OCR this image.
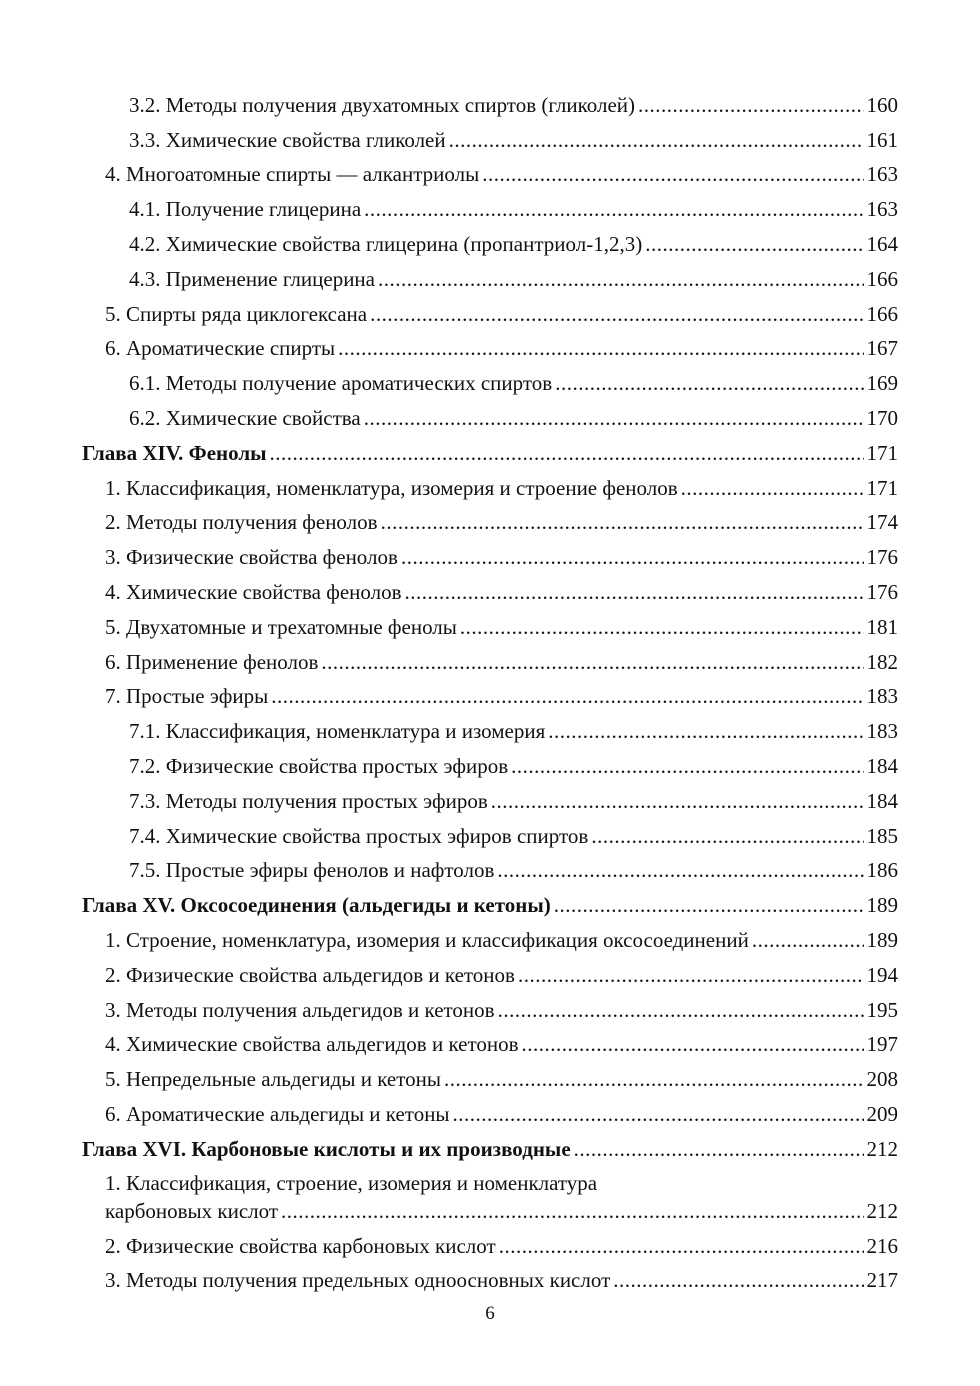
3.2. Методы получения двухатомных спиртов (гликолей) .....	160
3.3. Химические свойства гликолей .....	161
4. Многоатомные спирты — алкантриолы .....	163
4.1. Получение глицерина .....	163
4.2. Химические свойства глицерина (пропантриол-1,2,3) .....	164
4.3. Применение глицерина .....	166
5. Спирты ряда циклогексана .....	166
6. Ароматические спирты .....	167
6.1. Методы получение ароматических спиртов .....	169
6.2. Химические свойства .....	170
Глава XIV. Фенолы .....	171
1. Классификация, номенклатура, изомерия и строение фенолов .....	171
2. Методы получения фенолов .....	174
3. Физические свойства фенолов .....	176
4. Химические свойства фенолов .....	176
5. Двухатомные и трехатомные фенолы .....	181
6. Применение фенолов .....	182
7. Простые эфиры .....	183
7.1. Классификация, номенклатура и изомерия .....	183
7.2. Физические свойства простых эфиров .....	184
7.3. Методы получения простых эфиров .....	184
7.4. Химические свойства простых эфиров спиртов .....	185
7.5. Простые эфиры фенолов и нафтолов .....	186
Глава XV. Оксосоединения (альдегиды и кетоны) .....	189
1. Строение, номенклатура, изомерия и классификация оксосоединений .....	189
2. Физические свойства альдегидов и кетонов .....	194
3. Методы получения альдегидов и кетонов .....	195
4. Химические свойства альдегидов и кетонов .....	197
5. Непредельные альдегиды и кетоны .....	208
6. Ароматические альдегиды и кетоны .....	209
Глава XVI. Карбоновые кислоты и их производные .....	212
1. Классификация, строение, изомерия и номенклатура
карбоновых кислот .....	212
2. Физические свойства карбоновых кислот .....	216
3. Методы получения предельных одноосновных кислот .....	217
6
